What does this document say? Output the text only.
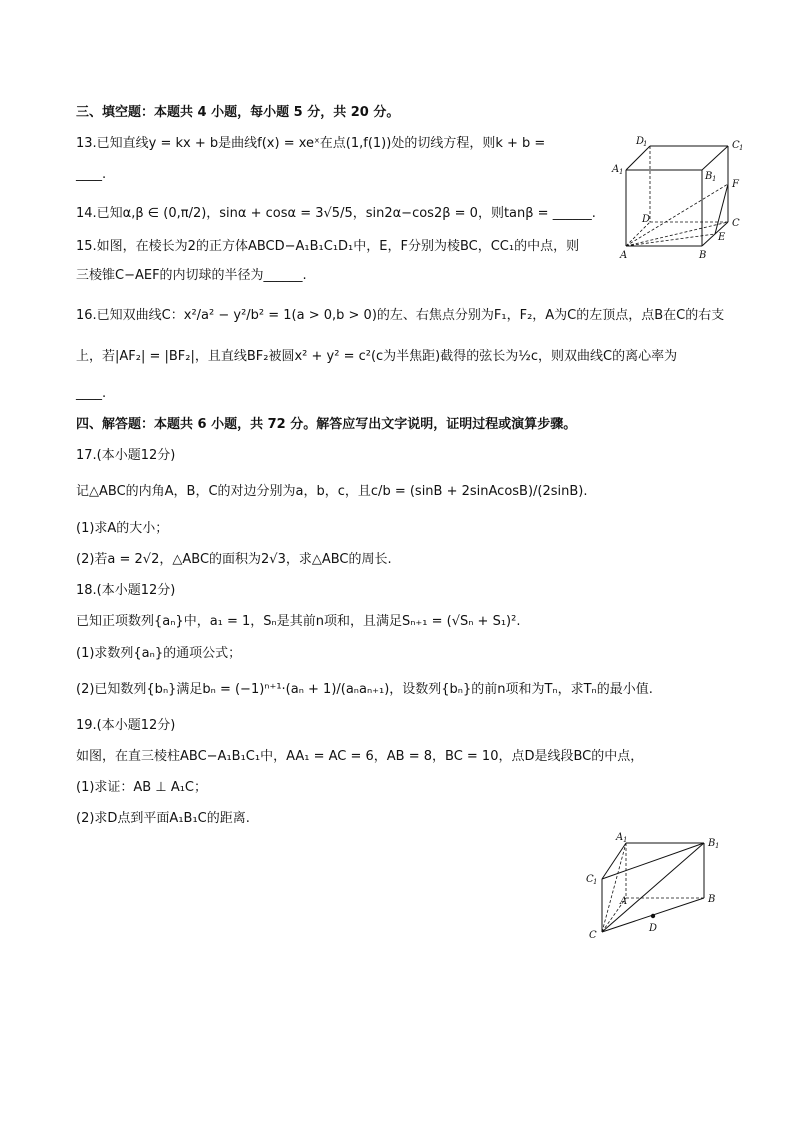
三、填空题：本题共 4 小题，每小题 5 分，共 20 分。
13.已知直线y = kx + b是曲线f(x) = xeˣ在点(1,f(1))处的切线方程，则k + b =
____.
14.已知α,β ∈ (0,π/2)，sinα + cosα = 3√5/5，sin2α−cos2β = 0，则tanβ = ______.
15.如图，在棱长为2的正方体ABCD−A₁B₁C₁D₁中，E，F分别为棱BC，CC₁的中点，则
三棱锥C−AEF的内切球的半径为______.
16.已知双曲线C：x²/a² − y²/b² = 1(a > 0,b > 0)的左、右焦点分别为F₁，F₂，A为C的左顶点，点B在C的右支
上，若|AF₂| = |BF₂|，且直线BF₂被圆x² + y² = c²(c为半焦距)截得的弦长为½c，则双曲线C的离心率为
____.
四、解答题：本题共 6 小题，共 72 分。解答应写出文字说明，证明过程或演算步骤。
17.(本小题12分)
记△ABC的内角A，B，C的对边分别为a，b，c，且c/b = (sinB + 2sinAcosB)/(2sinB).
(1)求A的大小；
(2)若a = 2√2，△ABC的面积为2√3，求△ABC的周长.
18.(本小题12分)
已知正项数列{aₙ}中，a₁ = 1，Sₙ是其前n项和，且满足Sₙ₊₁ = (√Sₙ + S₁)².
(1)求数列{aₙ}的通项公式；
(2)已知数列{bₙ}满足bₙ = (−1)ⁿ⁺¹·(aₙ + 1)/(aₙaₙ₊₁)，设数列{bₙ}的前n项和为Tₙ，求Tₙ的最小值.
19.(本小题12分)
如图，在直三棱柱ABC−A₁B₁C₁中，AA₁ = AC = 6，AB = 8，BC = 10，点D是线段BC的中点，
(1)求证：AB ⊥ A₁C；
(2)求D点到平面A₁B₁C的距离.
D
1	C 1
A 1	B 1 F
D	C
E
A	B
A 1	B 1
C 1
A	B
C
D
